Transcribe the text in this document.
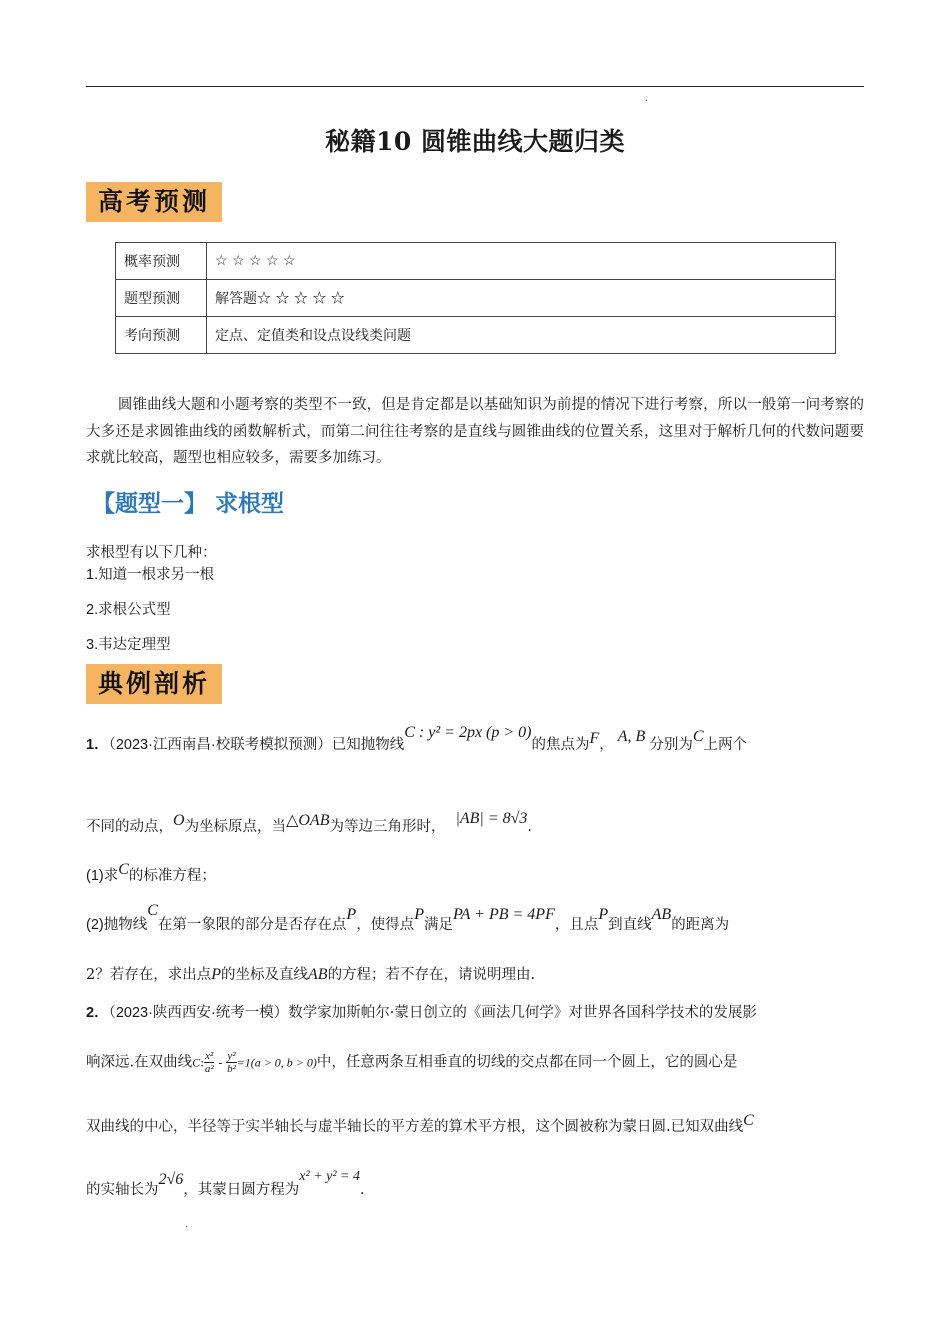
秘籍10 圆锥曲线大题归类
高考预测
概率预测	☆ ☆ ☆ ☆ ☆
题型预测	解答题☆ ☆ ☆ ☆ ☆
考向预测	定点、定值类和设点设线类问题
圆锥曲线大题和小题考察的类型不一致，但是肯定都是以基础知识为前提的情况下进行考察，所以一般第一问考察的大多还是求圆锥曲线的函数解析式，而第二问往往考察的是直线与圆锥曲线的位置关系，这里对于解析几何的代数问题要求就比较高，题型也相应较多，需要多加练习。
【题型一】 求根型
求根型有以下几种：
1.知道一根求另一根
2.求根公式型
3.韦达定理型
典例剖析
1．（2023·江西南昌·校联考模拟预测）已知抛物线C : y² = 2px (p > 0)的焦点为F， A, B 分别为C上两个
不同的动点，O为坐标原点，当△OAB为等边三角形时， |AB| = 8√3.
(1)求C的标准方程；
(2)抛物线C在第一象限的部分是否存在点P，使得点P满足PA + PB = 4PF，且点P到直线AB的距离为
2？若存在，求出点P的坐标及直线AB的方程；若不存在，请说明理由.
2．（2023·陕西西安·统考一模）数学家加斯帕尔·蒙日创立的《画法几何学》对世界各国科学技术的发展影
响深远.在双曲线C: $\frac{\text{x²}}{\text{a²}} - \frac{\text{y²}}{\text{b²}} =1(a > 0$, b > 0)中，任意两条互相垂直的切线的交点都在同一个圆上，它的圆心是
双曲线的中心，半径等于实半轴长与虚半轴长的平方差的算术平方根，这个圆被称为蒙日圆.已知双曲线C
的实轴长为2√6，其蒙日圆方程为x² + y² = 4.
